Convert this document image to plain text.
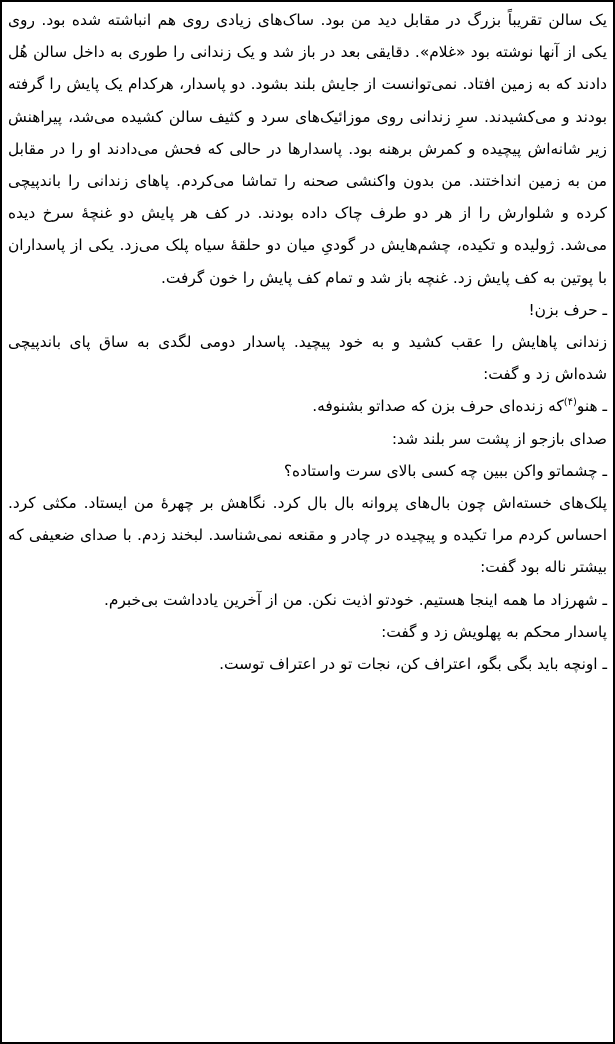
یک سالن تقریباً بزرگ در مقابل دید من بود. ساک‌های زیادی روی هم انباشته شده بود. روی یکی از آنها نوشته بود «غلام». دقایقی بعد در باز شد و یک زندانی را طوری به داخل سالن هُل دادند که به زمین افتاد. نمی‌توانست از جایش بلند بشود. دو پاسدار، هرکدام یک پایش را گرفته بودند و می‌کشیدند. سرِ زندانی روی موزائیک‌های سرد و کثیف سالن کشیده می‌شد، پیراهنش زیر شانه‌اش پیچیده و کمرش برهنه بود. پاسدارها در حالی که فحش می‌دادند او را در مقابل من به زمین انداختند. من بدون واکنشی صحنه را تماشا می‌کردم. پاهای زندانی را باندپیچی کرده و شلوارش را از هر دو طرف چاک داده بودند. در کف هر پایش دو غنچهٔ سرخ دیده می‌شد. ژولیده و تکیده، چشم‌هایش در گودیِ میان دو حلقهٔ سیاه پلک می‌زد. یکی از پاسداران با پوتین به کف پایش زد. غنچه باز شد و تمام کف پایش را خون گرفت.

ـ حرف بزن!

زندانی پاهایش را عقب کشید و به خود پیچید. پاسدار دومی لگدی به ساق پای باندپیچی شده‌اش زد و گفت:

ـ هنو$^{(۴)}$که زنده‌ای حرف بزن که صداتو بشنوفه.

صدای بازجو از پشت سر بلند شد:

ـ چشماتو واکن ببین چه کسی بالای سرت واستاده؟

پلک‌های خسته‌اش چون بال‌های پروانه بال بال کرد. نگاهش بر چهرهٔ من ایستاد. مکثی کرد. احساس کردم مرا تکیده و پیچیده در چادر و مقنعه نمی‌شناسد. لبخند زدم. با صدای ضعیفی که بیشتر ناله بود گفت:

ـ شهرزاد ما همه اینجا هستیم. خودتو اذیت نکن. من از آخرین یادداشت بی‌خبرم.

پاسدار محکم به پهلویش زد و گفت:

ـ اونچه باید بگی بگو، اعتراف کن، نجات تو در اعتراف توست.
